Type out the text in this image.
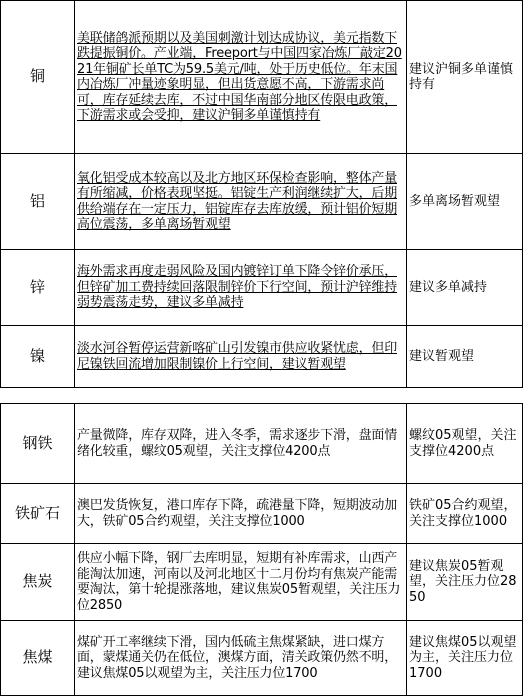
铜	美联储鸽派预期以及美国刺激计划达成协议，美元指数下跌提振铜价。产业端，Freeport与中国四家冶炼厂敲定2021年铜矿长单TC为59.5美元/吨，处于历史低位。年末国内冶炼厂冲量迹象明显，但出货意愿不高，下游需求尚可，库存延续去库，不过中国华南部分地区传限电政策，下游需求或会受抑，建议沪铜多单谨慎持有	建议沪铜多单谨慎持有
铝	氧化铝受成本较高以及北方地区环保检查影响，整体产量有所缩减，价格表现坚挺。铝锭生产利润继续扩大，后期供给端存在一定压力，铝锭库存去库放缓，预计铝价短期高位震荡，多单离场暂观望	多单离场暂观望
锌	海外需求再度走弱风险及国内镀锌订单下降令锌价承压，但锌矿加工费持续回落限制锌价下行空间，预计沪锌维持弱势震荡走势，建议多单减持	建议多单减持
镍	淡水河谷暂停运营新喀矿山引发镍市供应收紧忧虑，但印尼镍铁回流增加限制镍价上行空间，建议暂观望	建议暂观望
钢铁	产量微降，库存双降，进入冬季，需求逐步下滑，盘面情绪化较重，螺纹05观望，关注支撑位4200点	螺纹05观望，关注支撑位4200点
铁矿石	澳巴发货恢复，港口库存下降，疏港量下降，短期波动加大，铁矿05合约观望，关注支撑位1000	铁矿05合约观望，关注支撑位1000
焦炭	供应小幅下降，钢厂去库明显，短期有补库需求，山西产能淘汰加速，河南以及河北地区十二月份均有焦炭产能需要淘汰，第十轮提涨落地，建议焦炭05暂观望，关注压力位2850	建议焦炭05暂观望，关注压力位2850
焦煤	煤矿开工率继续下滑，国内低硫主焦煤紧缺，进口煤方面，蒙煤通关仍在低位，澳煤方面，清关政策仍然不明，建议焦煤05以观望为主，关注压力位1700	建议焦煤05以观望为主，关注压力位1700
